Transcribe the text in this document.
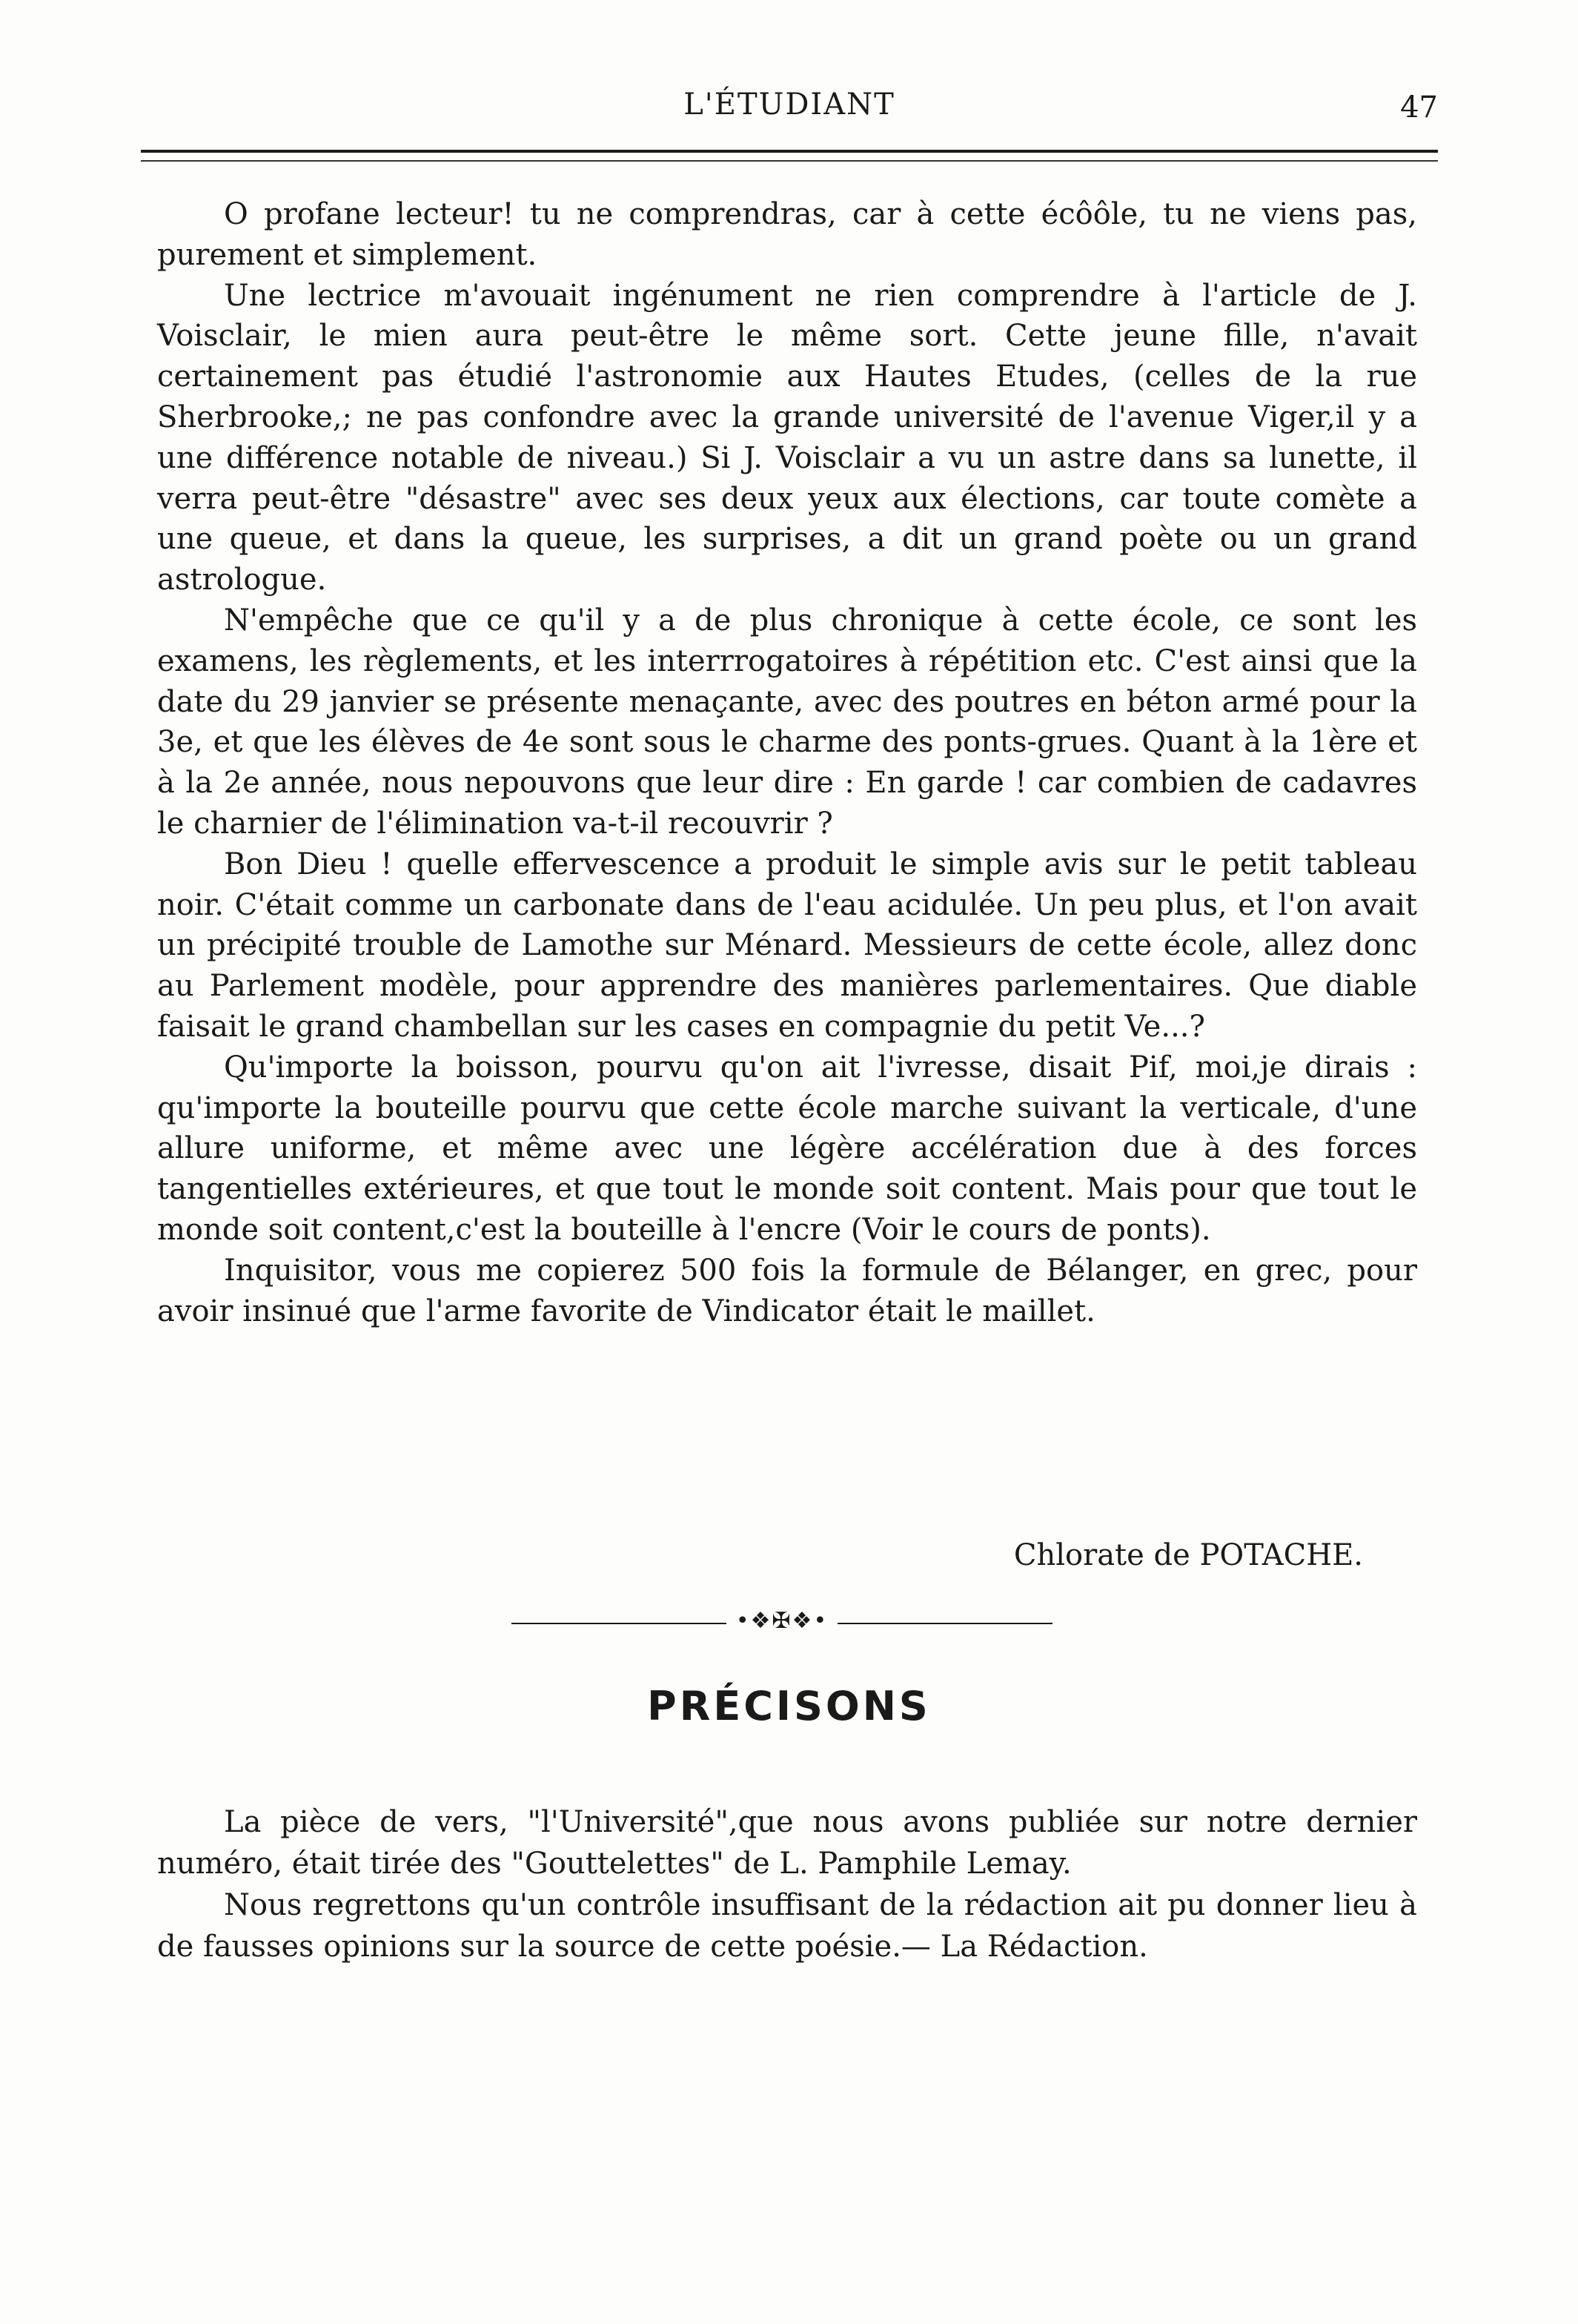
L'ÉTUDIANT	47

O profane lecteur! tu ne comprendras, car à cette écôôle, tu ne viens pas, purement et simplement.

Une lectrice m'avouait ingénument ne rien comprendre à l'article de J. Voisclair, le mien aura peut-être le même sort. Cette jeune fille, n'avait certainement pas étudié l'astronomie aux Hautes Etudes, (celles de la rue Sherbrooke,; ne pas confondre avec la grande université de l'avenue Viger,il y a une différence notable de niveau.) Si J. Voisclair a vu un astre dans sa lunette, il verra peut-être "désastre" avec ses deux yeux aux élections, car toute comète a une queue, et dans la queue, les surprises, a dit un grand poète ou un grand astrologue.

N'empêche que ce qu'il y a de plus chronique à cette école, ce sont les examens, les règlements, et les interrrogatoires à répétition etc. C'est ainsi que la date du 29 janvier se présente menaçante, avec des poutres en béton armé pour la 3e, et que les élèves de 4e sont sous le charme des ponts-grues. Quant à la 1ère et à la 2e année, nous nepouvons que leur dire : En garde ! car combien de cadavres le charnier de l'élimination va-t-il recouvrir ?

Bon Dieu ! quelle effervescence a produit le simple avis sur le petit tableau noir. C'était comme un carbonate dans de l'eau acidulée. Un peu plus, et l'on avait un précipité trouble de Lamothe sur Ménard. Messieurs de cette école, allez donc au Parlement modèle, pour apprendre des manières parlementaires. Que diable faisait le grand chambellan sur les cases en compagnie du petit Ve...?

Qu'importe la boisson, pourvu qu'on ait l'ivresse, disait Pif, moi,je dirais : qu'importe la bouteille pourvu que cette école marche suivant la verticale, d'une allure uniforme, et même avec une légère accélération due à des forces tangentielles extérieures, et que tout le monde soit content. Mais pour que tout le monde soit content,c'est la bouteille à l'encre (Voir le cours de ponts).

Inquisitor, vous me copierez 500 fois la formule de Bélanger, en grec, pour avoir insinué que l'arme favorite de Vindicator était le maillet.

Chlorate de POTACHE.
•❖✠❖•
PRÉCISONS

La pièce de vers, "l'Université",que nous avons publiée sur notre dernier numéro, était tirée des "Gouttelettes" de L. Pamphile Lemay.

Nous regrettons qu'un contrôle insuffisant de la rédaction ait pu donner lieu à de fausses opinions sur la source de cette poésie.— La Rédaction.
